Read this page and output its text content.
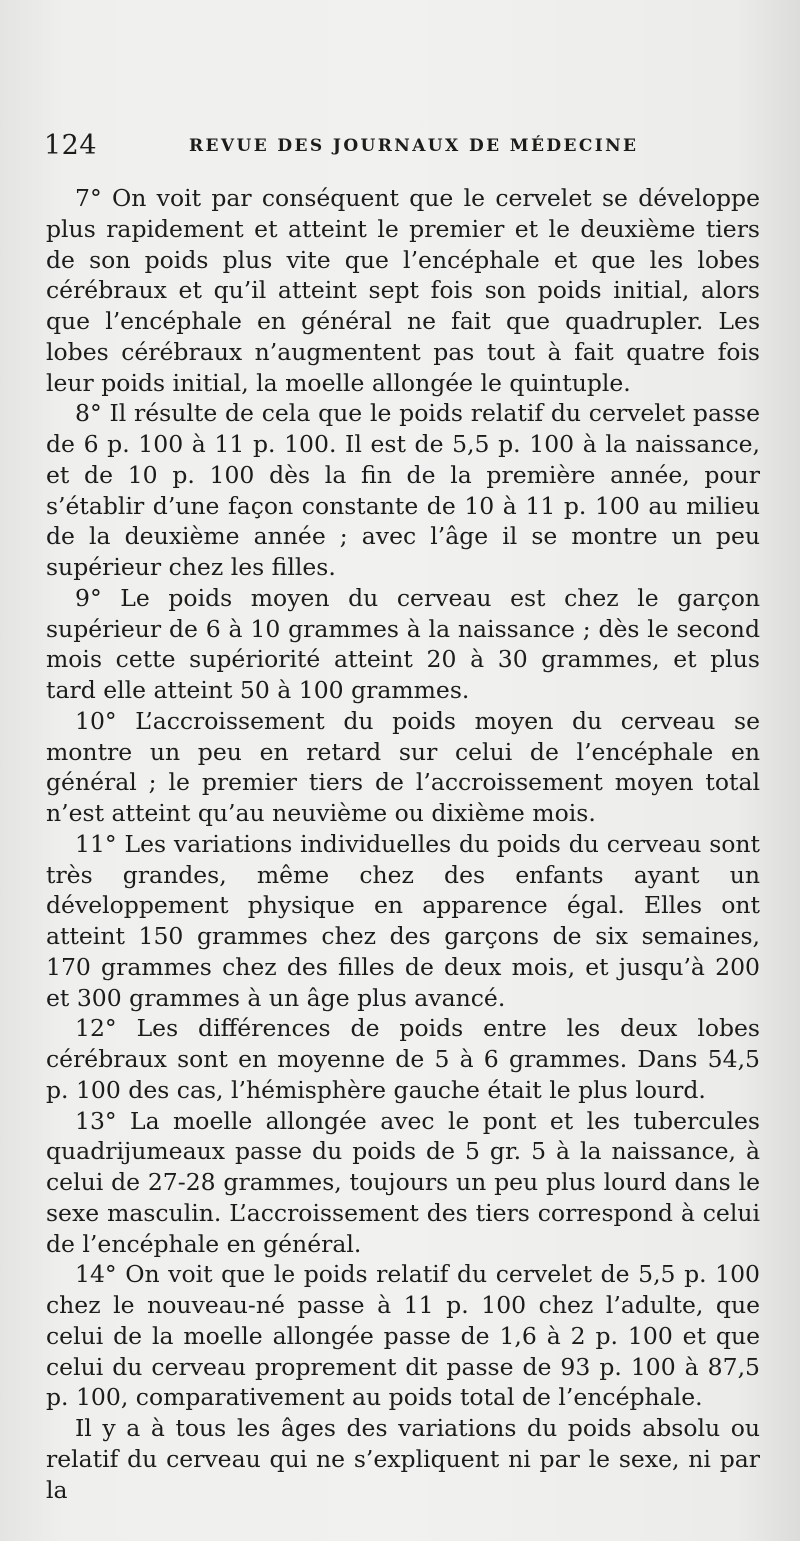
124	REVUE DES JOURNAUX DE MÉDECINE

7° On voit par conséquent que le cervelet se développe plus rapidement et atteint le premier et le deuxième tiers de son poids plus vite que l’encéphale et que les lobes cérébraux et qu’il atteint sept fois son poids initial, alors que l’encéphale en général ne fait que quadrupler. Les lobes cérébraux n’augmentent pas tout à fait quatre fois leur poids initial, la moelle allongée le quintuple.

8° Il résulte de cela que le poids relatif du cervelet passe de 6 p. 100 à 11 p. 100. Il est de 5,5 p. 100 à la naissance, et de 10 p. 100 dès la fin de la première année, pour s’établir d’une façon constante de 10 à 11 p. 100 au milieu de la deuxième année ; avec l’âge il se montre un peu supérieur chez les filles.

9° Le poids moyen du cerveau est chez le garçon supérieur de 6 à 10 grammes à la naissance ; dès le second mois cette supériorité atteint 20 à 30 grammes, et plus tard elle atteint 50 à 100 grammes.

10° L’accroissement du poids moyen du cerveau se montre un peu en retard sur celui de l’encéphale en général ; le premier tiers de l’accroissement moyen total n’est atteint qu’au neuvième ou dixième mois.

11° Les variations individuelles du poids du cerveau sont très grandes, même chez des enfants ayant un développement physique en apparence égal. Elles ont atteint 150 grammes chez des garçons de six semaines, 170 grammes chez des filles de deux mois, et jusqu’à 200 et 300 grammes à un âge plus avancé.

12° Les différences de poids entre les deux lobes cérébraux sont en moyenne de 5 à 6 grammes. Dans 54,5 p. 100 des cas, l’hémisphère gauche était le plus lourd.

13° La moelle allongée avec le pont et les tubercules quadrijumeaux passe du poids de 5 gr. 5 à la naissance, à celui de 27-28 grammes, toujours un peu plus lourd dans le sexe masculin. L’accroissement des tiers correspond à celui de l’encéphale en général.

14° On voit que le poids relatif du cervelet de 5,5 p. 100 chez le nouveau-né passe à 11 p. 100 chez l’adulte, que celui de la moelle allongée passe de 1,6 à 2 p. 100 et que celui du cerveau proprement dit passe de 93 p. 100 à 87,5 p. 100, comparativement au poids total de l’encéphale.

Il y a à tous les âges des variations du poids absolu ou relatif du cerveau qui ne s’expliquent ni par le sexe, ni par la
